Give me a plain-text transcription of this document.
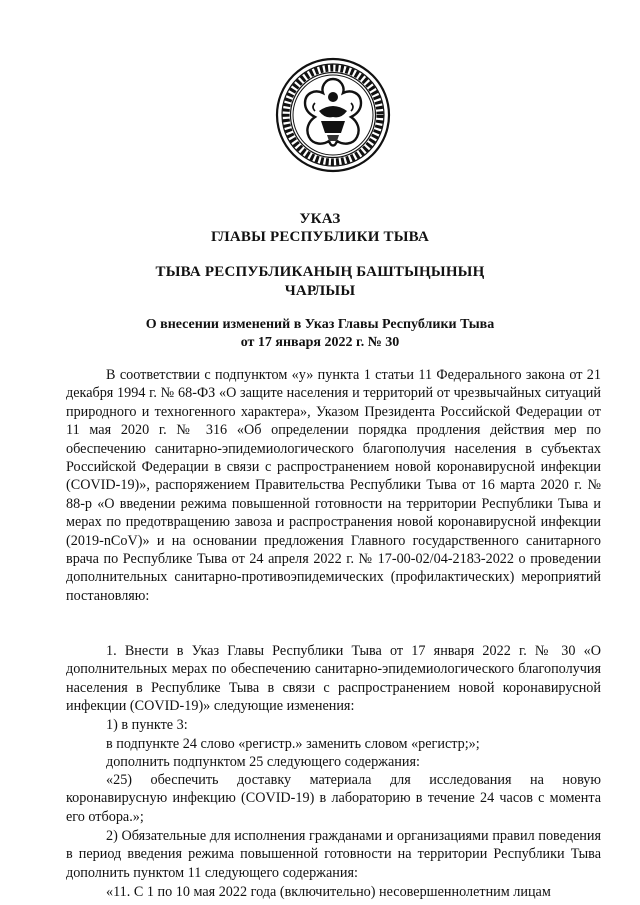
УКАЗ
ГЛАВЫ РЕСПУБЛИКИ ТЫВА
ТЫВА РЕСПУБЛИКАНЫҢ БАШТЫҢЫНЫҢ
ЧАРЛЫЫ
О внесении изменений в Указ Главы Республики Тыва
от 17 января 2022 г. № 30
В соответствии с подпунктом «у» пункта 1 статьи 11 Федерального закона от 21 декабря 1994 г. № 68-ФЗ «О защите населения и территорий от чрезвычайных ситуаций природного и техногенного характера», Указом Президента Российской Федерации от 11 мая 2020 г. № 316 «Об определении порядка продления действия мер по обеспечению санитарно-эпидемиологического благополучия населения в субъектах Российской Федерации в связи с распространением новой коронавирусной инфекции (COVID-19)», распоряжением Правительства Республики Тыва от 16 марта 2020 г. № 88-р «О введении режима повышенной готовности на территории Республики Тыва и мерах по предотвращению завоза и распространения новой коронавирусной инфекции (2019-nCoV)» и на основании предложения Главного государственного санитарного врача по Республике Тыва от 24 апреля 2022 г. № 17-00-02/04-2183-2022 о проведении дополнительных санитарно-противоэпидемических (профилактических) мероприятий постановляю:
1. Внести в Указ Главы Республики Тыва от 17 января 2022 г. № 30 «О дополнительных мерах по обеспечению санитарно-эпидемиологического благополучия населения в Республике Тыва в связи с распространением новой коронавирусной инфекции (COVID-19)» следующие изменения:
1) в пункте 3:
в подпункте 24 слово «регистр.» заменить словом «регистр;»;
дополнить подпунктом 25 следующего содержания:
«25) обеспечить доставку материала для исследования на новую коронавирусную инфекцию (COVID-19) в лабораторию в течение 24 часов с момента его отбора.»;
2) Обязательные для исполнения гражданами и организациями правил поведения в период введения режима повышенной готовности на территории Республики Тыва дополнить пунктом 11 следующего содержания:
«11. С 1 по 10 мая 2022 года (включительно) несовершеннолетним лицам
